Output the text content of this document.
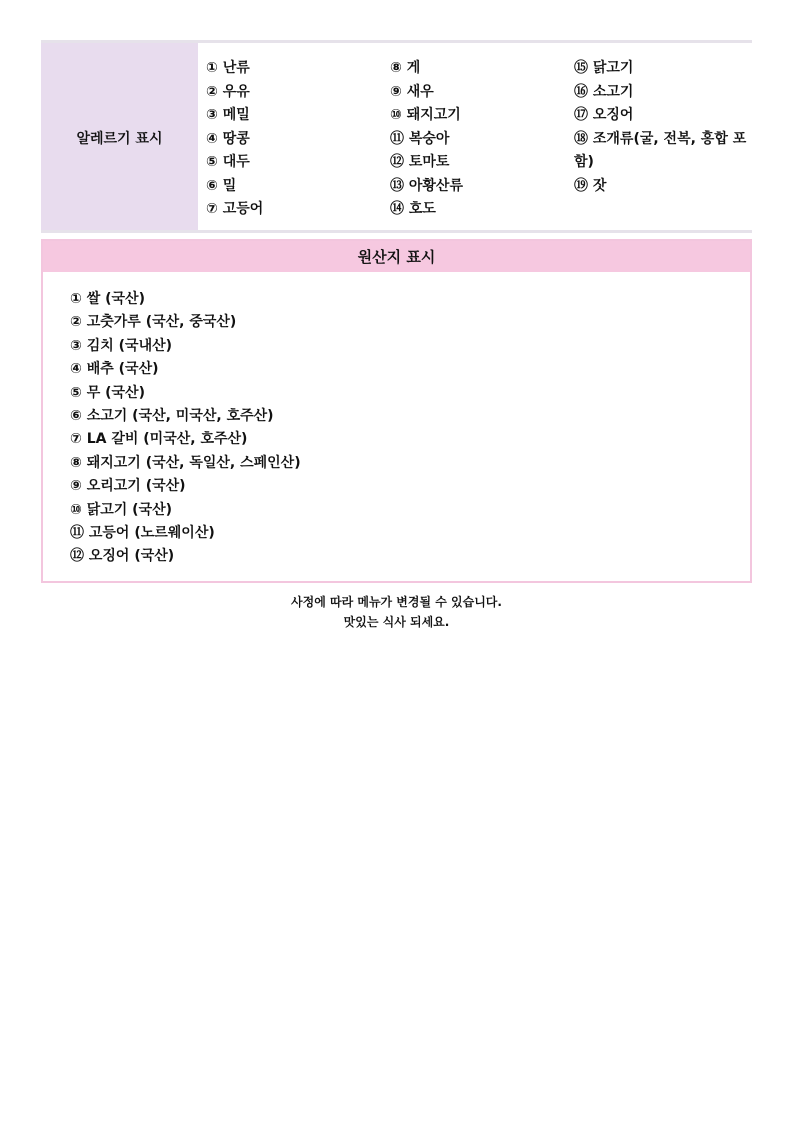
알레르기 표시
① 난류
② 우유
③ 메밀
④ 땅콩
⑤ 대두
⑥ 밀
⑦ 고등어
⑧ 게
⑨ 새우
⑩ 돼지고기
⑪ 복숭아
⑫ 토마토
⑬ 아황산류
⑭ 호도
⑮ 닭고기
⑯ 소고기
⑰ 오징어
⑱ 조개류(굴, 전복, 홍합 포함)
⑲ 잣
원산지 표시
① 쌀 (국산)
② 고춧가루 (국산, 중국산)
③ 김치 (국내산)
④ 배추 (국산)
⑤ 무 (국산)
⑥ 소고기 (국산, 미국산, 호주산)
⑦ LA 갈비 (미국산, 호주산)
⑧ 돼지고기 (국산, 독일산, 스페인산)
⑨ 오리고기 (국산)
⑩ 닭고기 (국산)
⑪ 고등어 (노르웨이산)
⑫ 오징어 (국산)
사정에 따라 메뉴가 변경될 수 있습니다.
맛있는 식사 되세요.
